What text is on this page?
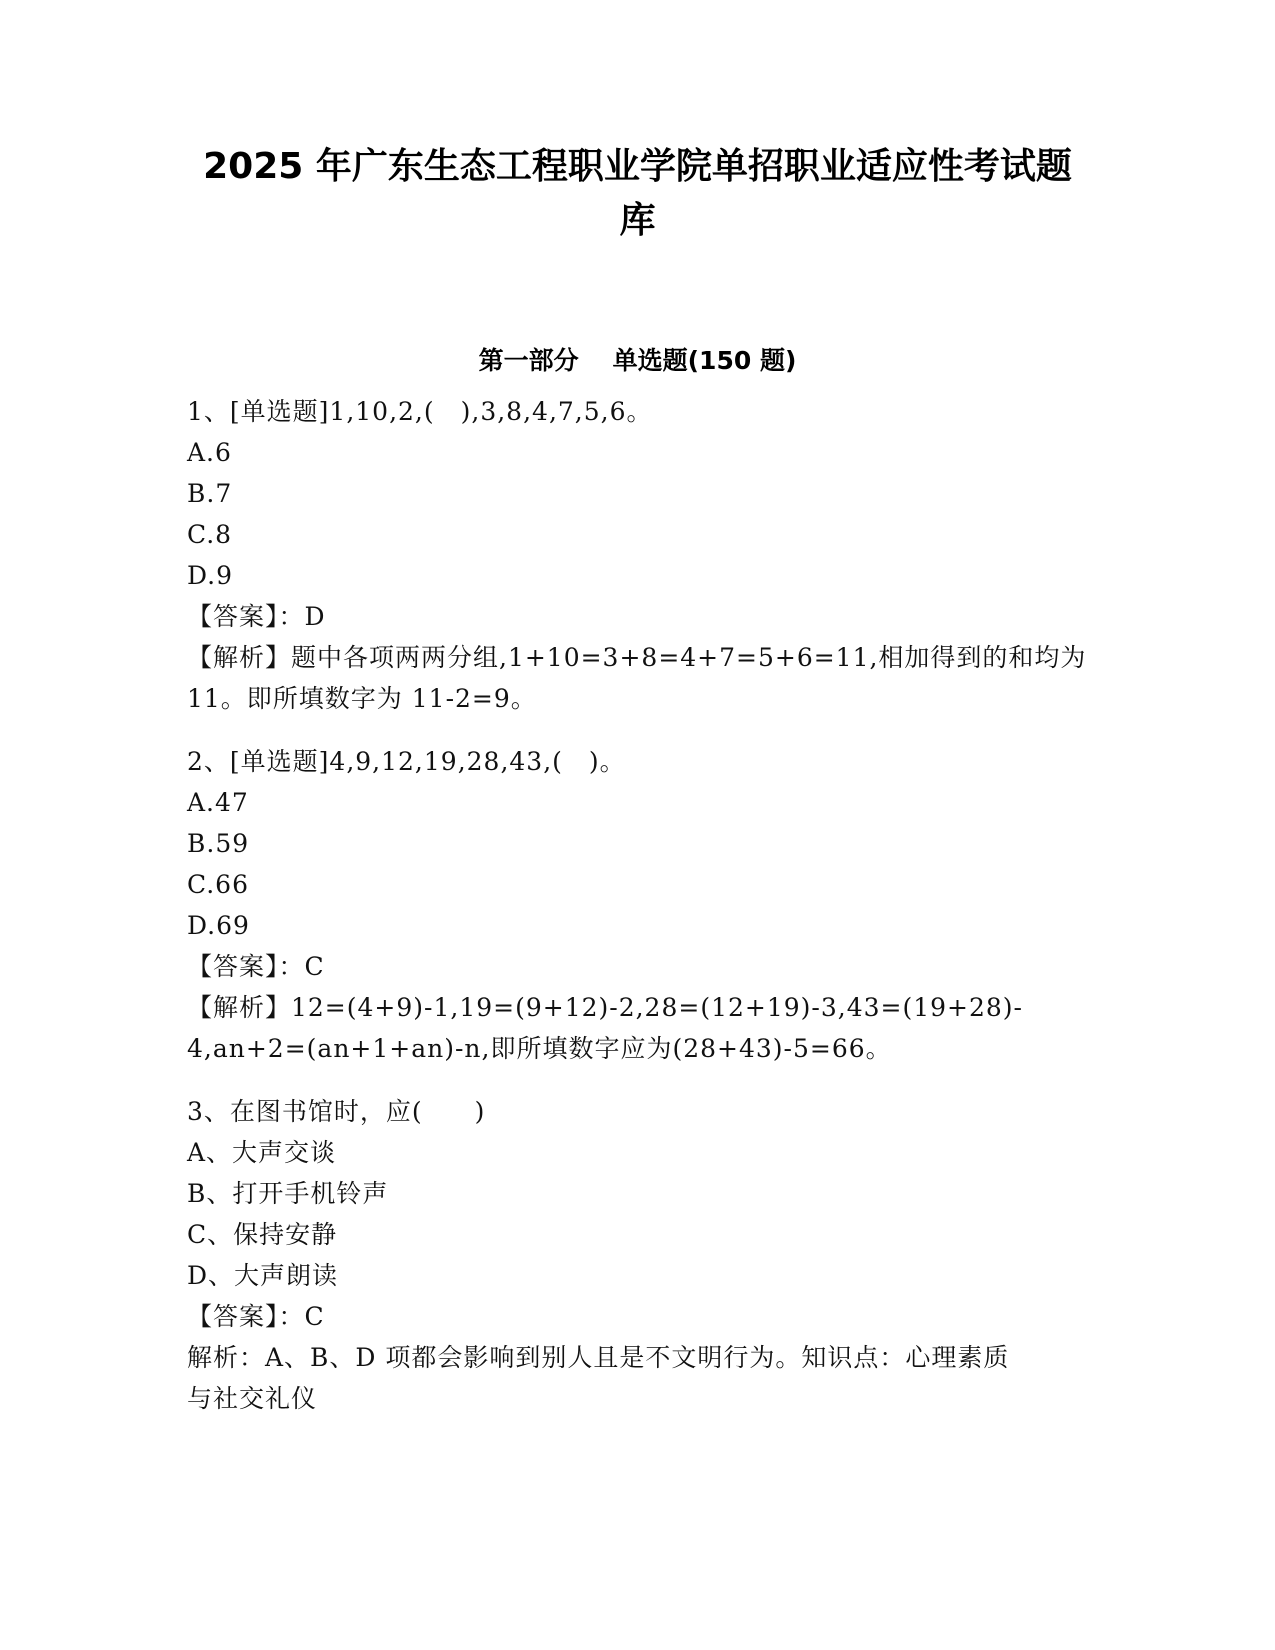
2025 年广东生态工程职业学院单招职业适应性考试题
库
第一部分 单选题(150 题)
1、[单选题]1,10,2,(　),3,8,4,7,5,6。
A.6
B.7
C.8
D.9
【答案】：D
【解析】题中各项两两分组,1+10=3+8=4+7=5+6=11,相加得到的和均为
11。即所填数字为 11-2=9。
2、[单选题]4,9,12,19,28,43,(　)。
A.47
B.59
C.66
D.69
【答案】：C
【解析】12=(4+9)-1,19=(9+12)-2,28=(12+19)-3,43=(19+28)-
4,an+2=(an+1+an)-n,即所填数字应为(28+43)-5=66。
3、在图书馆时，应(　　)
A、大声交谈
B、打开手机铃声
C、保持安静
D、大声朗读
【答案】：C
解析：A、B、D 项都会影响到别人且是不文明行为。知识点：心理素质
与社交礼仪
